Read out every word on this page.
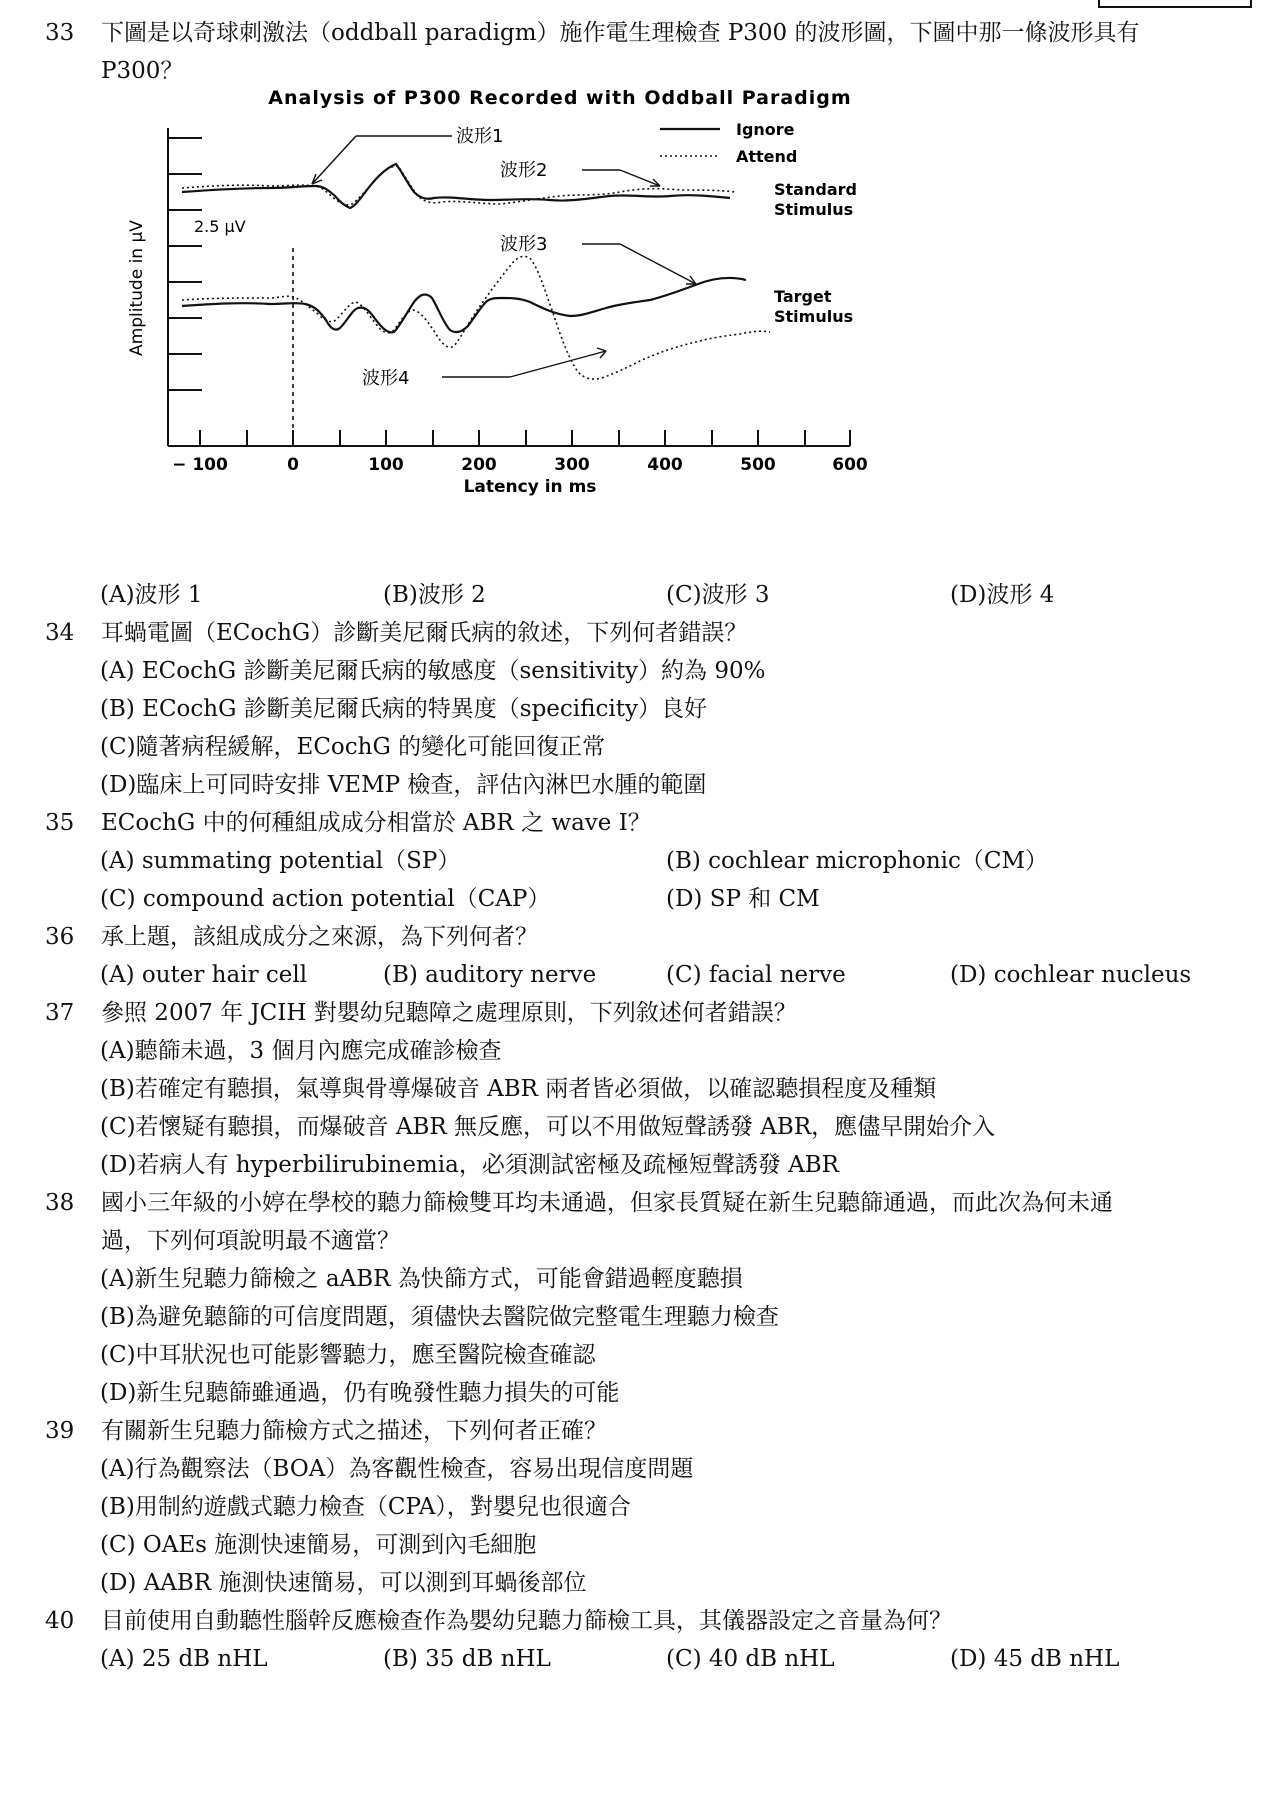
33	下圖是以奇球刺激法（oddball paradigm）施作電生理檢查 P300 的波形圖，下圖中那一條波形具有
P300？
Analysis of P300 Recorded with Oddball Paradigm
− 100	0	100	200	300	400	500	600
Latency in ms
Amplitude in μV	2.5 μV
Ignore
Attend
Standard
Stimulus
Target
Stimulus
波形1
波形2
波形3
波形4
(A)波形 1	(B)波形 2	(C)波形 3	(D)波形 4
34	耳蝸電圖（ECochG）診斷美尼爾氏病的敘述，下列何者錯誤？
(A) ECochG 診斷美尼爾氏病的敏感度（sensitivity）約為 90%
(B) ECochG 診斷美尼爾氏病的特異度（specificity）良好
(C)隨著病程緩解，ECochG 的變化可能回復正常
(D)臨床上可同時安排 VEMP 檢查，評估內淋巴水腫的範圍
35	ECochG 中的何種組成成分相當於 ABR 之 wave I？
(A) summating potential（SP）	(B) cochlear microphonic（CM）
(C) compound action potential（CAP）	(D) SP 和 CM
36	承上題，該組成成分之來源，為下列何者？
(A) outer hair cell	(B) auditory nerve	(C) facial nerve	(D) cochlear nucleus
37	參照 2007 年 JCIH 對嬰幼兒聽障之處理原則，下列敘述何者錯誤？
(A)聽篩未過，3 個月內應完成確診檢查
(B)若確定有聽損，氣導與骨導爆破音 ABR 兩者皆必須做，以確認聽損程度及種類
(C)若懷疑有聽損，而爆破音 ABR 無反應，可以不用做短聲誘發 ABR，應儘早開始介入
(D)若病人有 hyperbilirubinemia，必須測試密極及疏極短聲誘發 ABR
38	國小三年級的小婷在學校的聽力篩檢雙耳均未通過，但家長質疑在新生兒聽篩通過，而此次為何未通
過，下列何項說明最不適當？
(A)新生兒聽力篩檢之 aABR 為快篩方式，可能會錯過輕度聽損
(B)為避免聽篩的可信度問題，須儘快去醫院做完整電生理聽力檢查
(C)中耳狀況也可能影響聽力，應至醫院檢查確認
(D)新生兒聽篩雖通過，仍有晚發性聽力損失的可能
39	有關新生兒聽力篩檢方式之描述，下列何者正確？
(A)行為觀察法（BOA）為客觀性檢查，容易出現信度問題
(B)用制約遊戲式聽力檢查（CPA），對嬰兒也很適合
(C) OAEs 施測快速簡易，可測到內毛細胞
(D) AABR 施測快速簡易，可以測到耳蝸後部位
40	目前使用自動聽性腦幹反應檢查作為嬰幼兒聽力篩檢工具，其儀器設定之音量為何？
(A) 25 dB nHL	(B) 35 dB nHL	(C) 40 dB nHL	(D) 45 dB nHL
